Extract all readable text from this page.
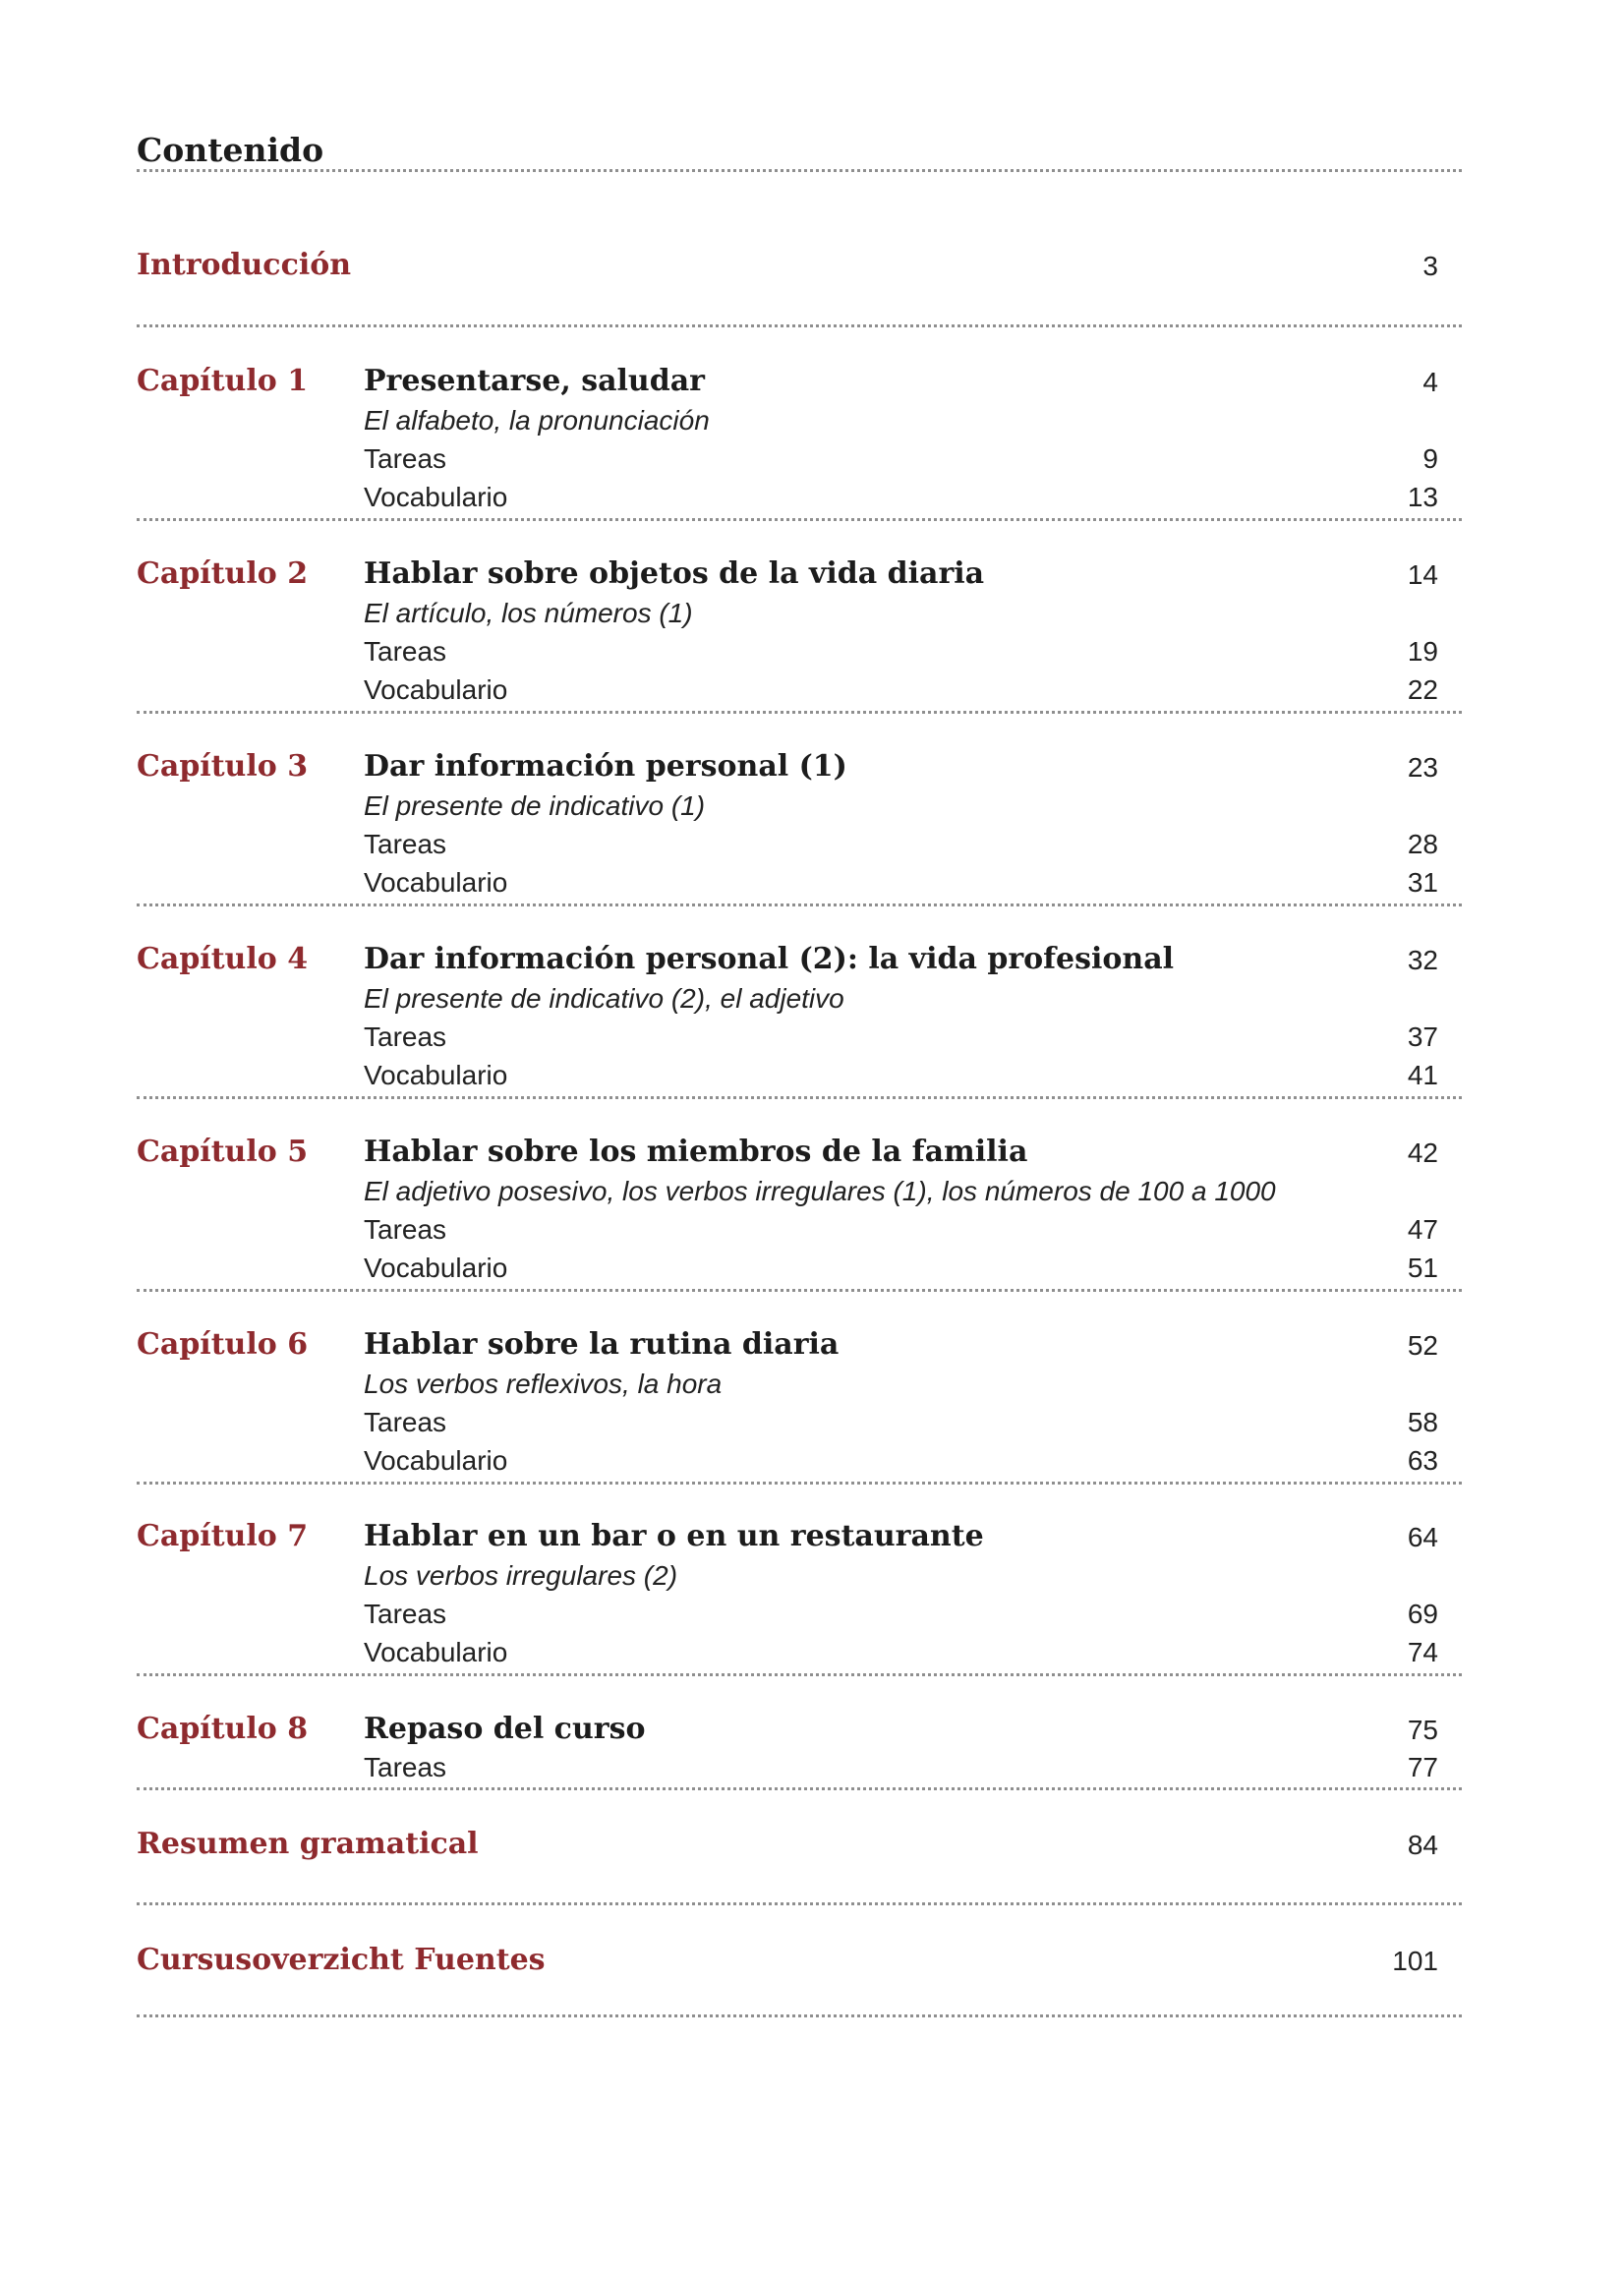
Contenido
Introducción	3
Capítulo 1 Presentarse, saludar	4
El alfabeto, la pronunciación
Tareas	9
Vocabulario	13
Capítulo 2 Hablar sobre objetos de la vida diaria	14
El artículo, los números (1)
Tareas	19
Vocabulario	22
Capítulo 3 Dar información personal (1)	23
El presente de indicativo (1)
Tareas	28
Vocabulario	31
Capítulo 4 Dar información personal (2): la vida profesional	32
El presente de indicativo (2), el adjetivo
Tareas	37
Vocabulario	41
Capítulo 5 Hablar sobre los miembros de la familia	42
El adjetivo posesivo, los verbos irregulares (1), los números de 100 a 1000
Tareas	47
Vocabulario	51
Capítulo 6 Hablar sobre la rutina diaria	52
Los verbos reflexivos, la hora
Tareas	58
Vocabulario	63
Capítulo 7 Hablar en un bar o en un restaurante	64
Los verbos irregulares (2)
Tareas	69
Vocabulario	74
Capítulo 8 Repaso del curso	75
Tareas	77
Resumen gramatical	84
Cursusoverzicht Fuentes	101
